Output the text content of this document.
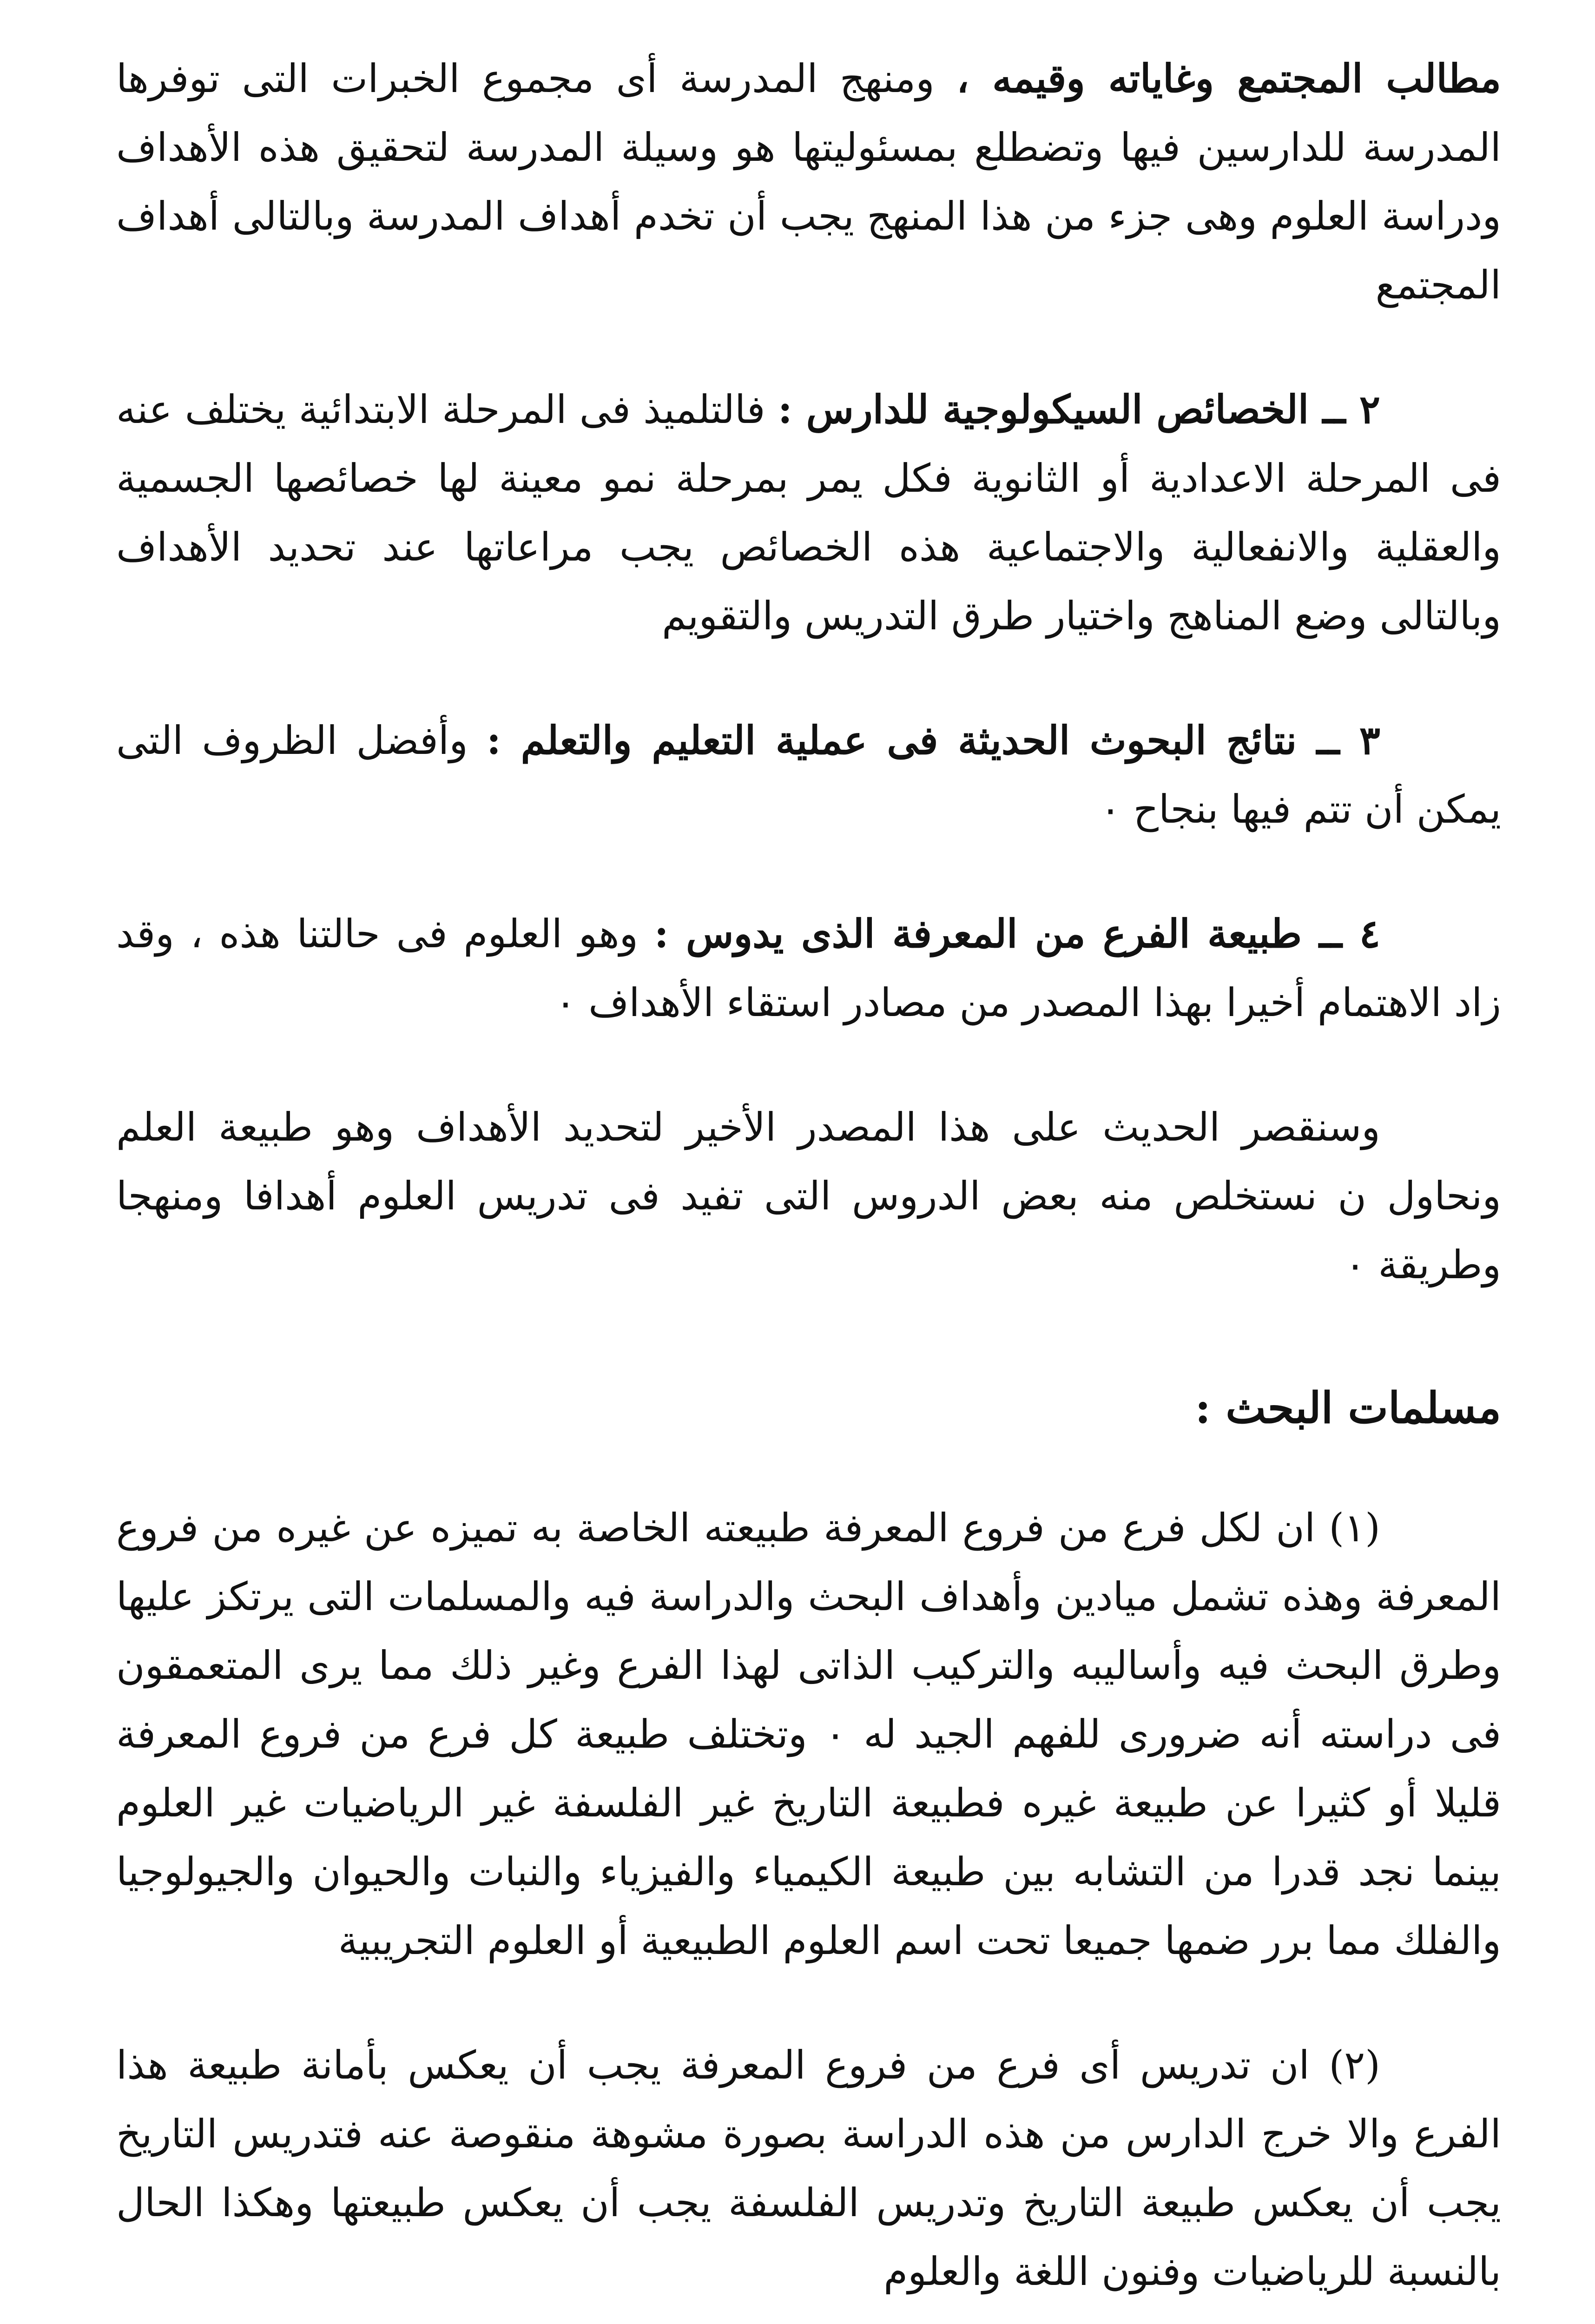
مطالب المجتمع وغاياته وقيمه ، ومنهج المدرسة أى مجموع الخبرات التى توفرها المدرسة للدارسين فيها وتضطلع بمسئوليتها هو وسيلة المدرسة لتحقيق هذه الأهداف ودراسة العلوم وهى جزء من هذا المنهج يجب أن تخدم أهداف المدرسة وبالتالى أهداف المجتمع

٢ ــ الخصائص السيكولوجية للدارس : فالتلميذ فى المرحلة الابتدائية يختلف عنه فى المرحلة الاعدادية أو الثانوية فكل يمر بمرحلة نمو معينة لها خصائصها الجسمية والعقلية والانفعالية والاجتماعية هذه الخصائص يجب مراعاتها عند تحديد الأهداف وبالتالى وضع المناهج واختيار طرق التدريس والتقويم

٣ ــ نتائج البحوث الحديثة فى عملية التعليم والتعلم : وأفضل الظروف التى يمكن أن تتم فيها بنجاح ٠

٤ ــ طبيعة الفرع من المعرفة الذى يدوس : وهو العلوم فى حالتنا هذه ، وقد زاد الاهتمام أخيرا بهذا المصدر من مصادر استقاء الأهداف ٠

وسنقصر الحديث على هذا المصدر الأخير لتحديد الأهداف وهو طبيعة العلم ونحاول ن نستخلص منه بعض الدروس التى تفيد فى تدريس العلوم أهدافا ومنهجا وطريقة ٠

مسلمات البحث :

(١) ان لكل فرع من فروع المعرفة طبيعته الخاصة به تميزه عن غيره من فروع المعرفة وهذه تشمل ميادين وأهداف البحث والدراسة فيه والمسلمات التى يرتكز عليها وطرق البحث فيه وأساليبه والتركيب الذاتى لهذا الفرع وغير ذلك مما يرى المتعمقون فى دراسته أنه ضرورى للفهم الجيد له ٠ وتختلف طبيعة كل فرع من فروع المعرفة قليلا أو كثيرا عن طبيعة غيره فطبيعة التاريخ غير الفلسفة غير الرياضيات غير العلوم بينما نجد قدرا من التشابه بين طبيعة الكيمياء والفيزياء والنبات والحيوان والجيولوجيا والفلك مما برر ضمها جميعا تحت اسم العلوم الطبيعية أو العلوم التجريبية

(٢) ان تدريس أى فرع من فروع المعرفة يجب أن يعكس بأمانة طبيعة هذا الفرع والا خرج الدارس من هذه الدراسة بصورة مشوهة منقوصة عنه فتدريس التاريخ يجب أن يعكس طبيعة التاريخ وتدريس الفلسفة يجب أن يعكس طبيعتها وهكذا الحال بالنسبة للرياضيات وفنون اللغة والعلوم
